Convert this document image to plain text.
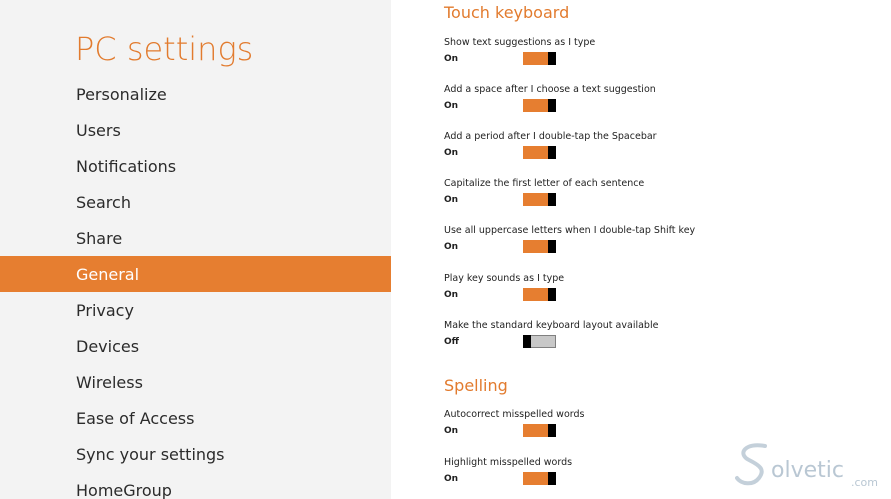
PC settings
Personalize
Users
Notifications
Search
Share
General
Privacy
Devices
Wireless
Ease of Access
Sync your settings
HomeGroup
Touch keyboard
Show text suggestions as I type
On
Add a space after I choose a text suggestion
On
Add a period after I double-tap the Spacebar
On
Capitalize the first letter of each sentence
On
Use all uppercase letters when I double-tap Shift key
On
Play key sounds as I type
On
Make the standard keyboard layout available
Off
Spelling
Autocorrect misspelled words
On
Highlight misspelled words
On	olvetic .com
